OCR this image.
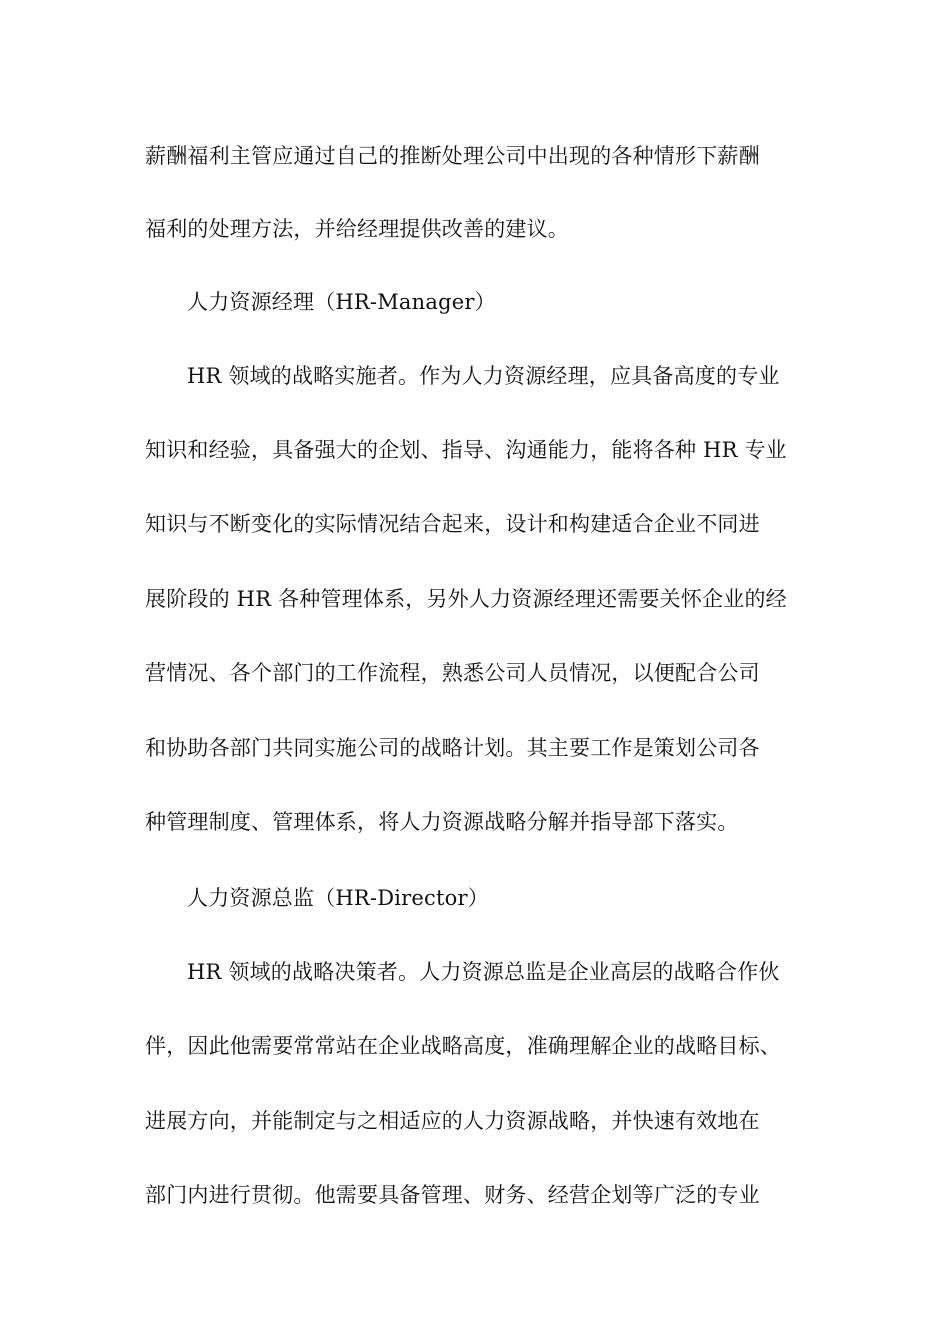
薪酬福利主管应通过自己的推断处理公司中出现的各种情形下薪酬
福利的处理方法，并给经理提供改善的建议。
人力资源经理（HR-Manager）
HR 领域的战略实施者。作为人力资源经理，应具备高度的专业
知识和经验，具备强大的企划、指导、沟通能力，能将各种 HR 专业
知识与不断变化的实际情况结合起来，设计和构建适合企业不同进
展阶段的 HR 各种管理体系，另外人力资源经理还需要关怀企业的经
营情况、各个部门的工作流程，熟悉公司人员情况，以便配合公司
和协助各部门共同实施公司的战略计划。其主要工作是策划公司各
种管理制度、管理体系，将人力资源战略分解并指导部下落实。
人力资源总监（HR-Director）
HR 领域的战略决策者。人力资源总监是企业高层的战略合作伙
伴，因此他需要常常站在企业战略高度，准确理解企业的战略目标、
进展方向，并能制定与之相适应的人力资源战略，并快速有效地在
部门内进行贯彻。他需要具备管理、财务、经营企划等广泛的专业
